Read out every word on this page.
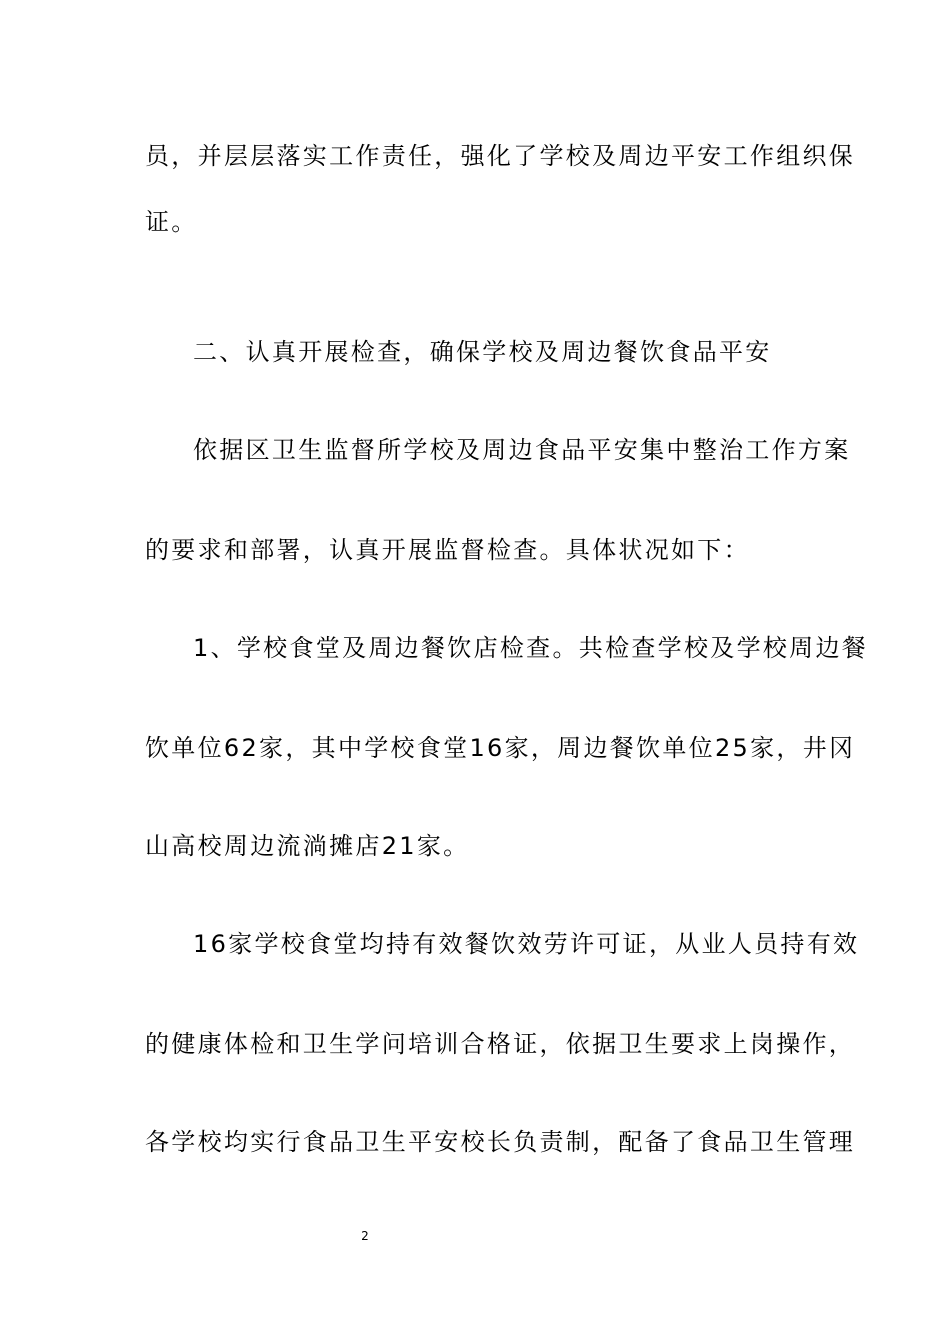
员，并层层落实工作责任，强化了学校及周边平安工作组织保
证。
二、认真开展检查，确保学校及周边餐饮食品平安
依据区卫生监督所学校及周边食品平安集中整治工作方案
的要求和部署，认真开展监督检查。具体状况如下：
1、学校食堂及周边餐饮店检查。共检查学校及学校周边餐
饮单位62家，其中学校食堂16家，周边餐饮单位25家，井冈
山高校周边流淌摊店21家。
16家学校食堂均持有效餐饮效劳许可证，从业人员持有效
的健康体检和卫生学问培训合格证，依据卫生要求上岗操作，
各学校均实行食品卫生平安校长负责制，配备了食品卫生管理
2
